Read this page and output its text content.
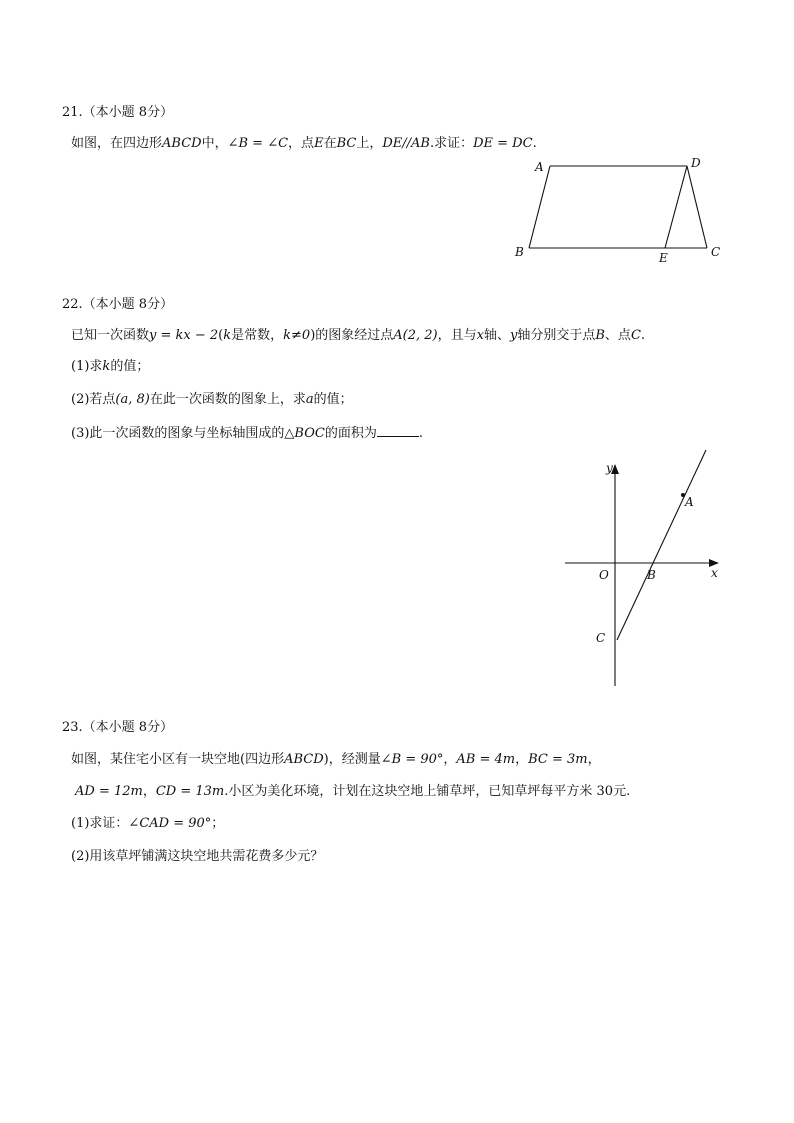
21.（本小题 8分）
如图，在四边形ABCD中，∠B = ∠C，点E在BC上，DE//AB.求证：DE = DC.
A	D
B	E	C
22.（本小题 8分）
已知一次函数y = kx − 2(k是常数，k≠0)的图象经过点A(2, 2)，且与x轴、y轴分别交于点B、点C.
(1)求k的值；
(2)若点(a, 8)在此一次函数的图象上，求a的值；
(3)此一次函数的图象与坐标轴围成的△BOC的面积为	.
y
x
O
A
B
C
23.（本小题 8分）
如图，某住宅小区有一块空地(四边形ABCD)，经测量∠B = 90°，AB = 4m，BC = 3m，
AD = 12m，CD = 13m.小区为美化环境，计划在这块空地上铺草坪，已知草坪每平方米 30元.
(1)求证：∠CAD = 90°；
(2)用该草坪铺满这块空地共需花费多少元？
